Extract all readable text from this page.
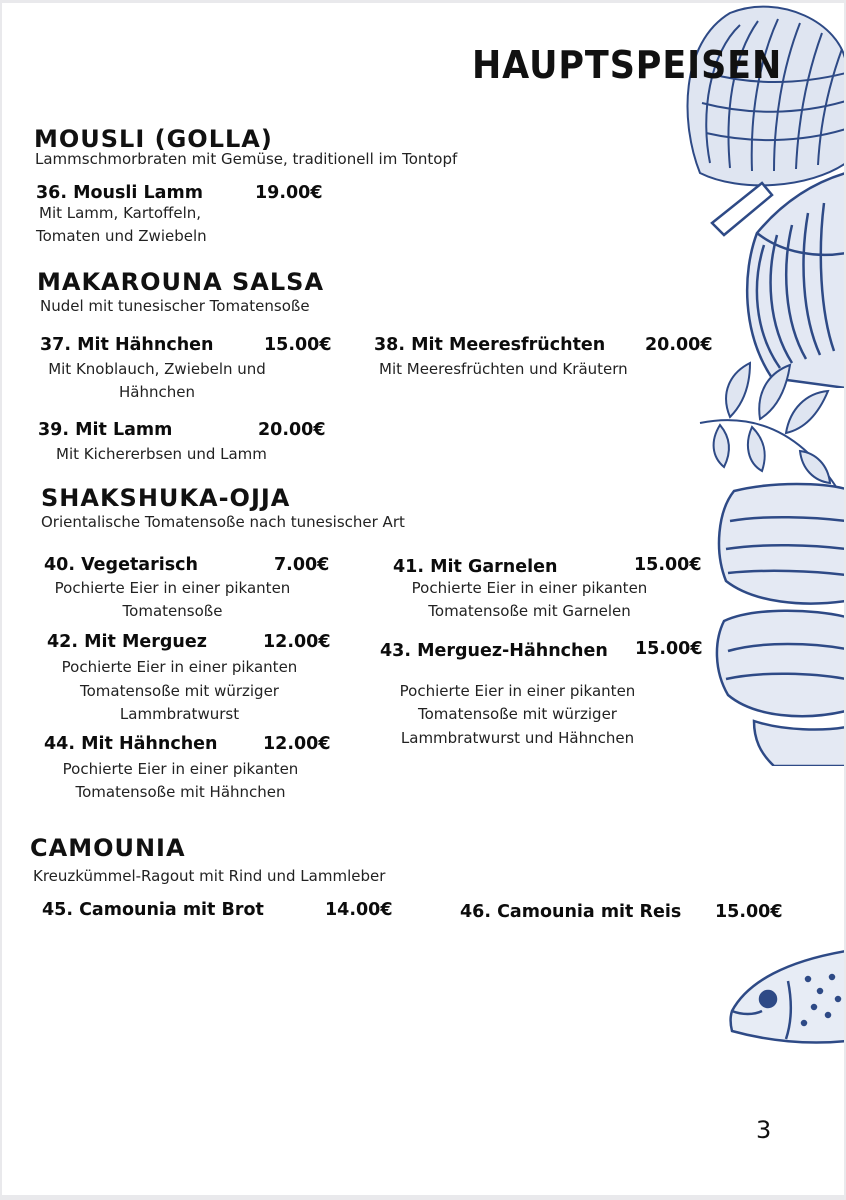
HAUPTSPEISEN
MOUSLI (GOLLA)
Lammschmorbraten mit Gemüse, traditionell im Tontopf
36. Mousli Lamm	19.00€
Mit Lamm, Kartoffeln,
Tomaten und Zwiebeln
MAKAROUNA SALSA
Nudel mit tunesischer Tomatensoße
37. Mit Hähnchen	15.00€
Mit Knoblauch, Zwiebeln und
Hähnchen
38. Mit Meeresfrüchten 20.00€
Mit Meeresfrüchten und Kräutern
39. Mit Lamm	20.00€
Mit Kichererbsen und Lamm
SHAKSHUKA-OJJA
Orientalische Tomatensoße nach tunesischer Art
40. Vegetarisch	7.00€
Pochierte Eier in einer pikanten
Tomatensoße
41. Mit Garnelen	15.00€
Pochierte Eier in einer pikanten
Tomatensoße mit Garnelen
42. Mit Merguez	12.00€
Pochierte Eier in einer pikanten
Tomatensoße mit würziger
Lammbratwurst
43. Merguez-Hähnchen 15.00€
Pochierte Eier in einer pikanten
Tomatensoße mit würziger
Lammbratwurst und Hähnchen
44. Mit Hähnchen	12.00€
Pochierte Eier in einer pikanten
Tomatensoße mit Hähnchen
CAMOUNIA
Kreuzkümmel-Ragout mit Rind und Lammleber
45. Camounia mit Brot	14.00€	46. Camounia mit Reis 15.00€
3
